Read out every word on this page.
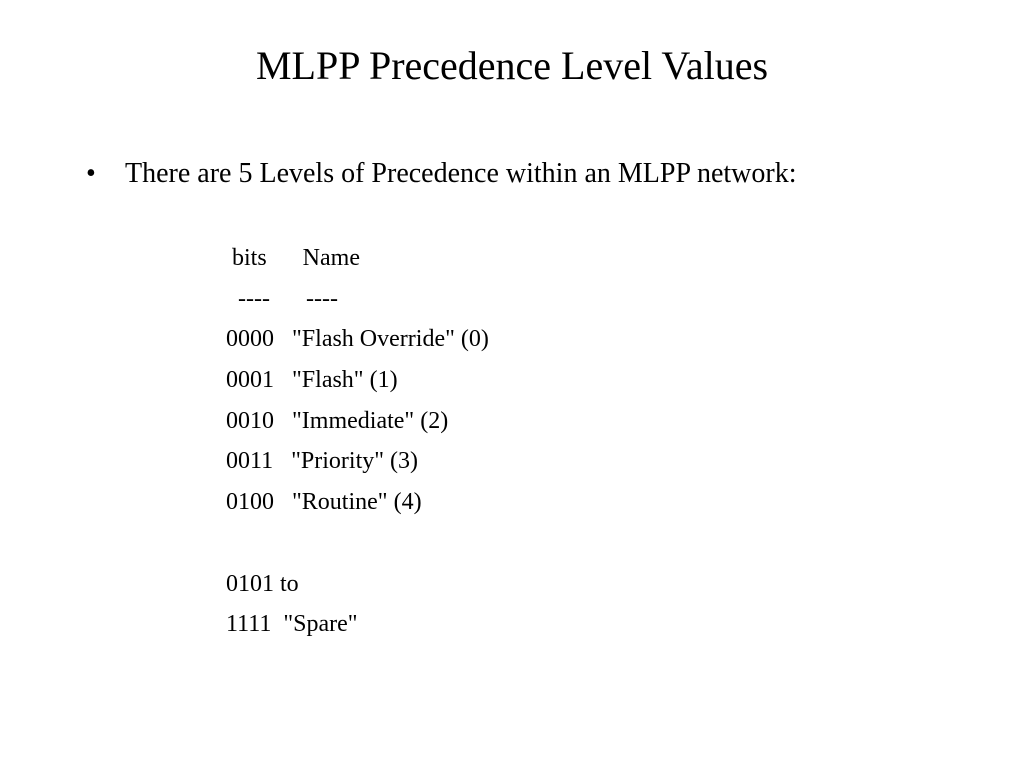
MLPP Precedence Level Values
• There are 5 Levels of Precedence within an MLPP network:
bits      Name
----      ----
0000   "Flash Override" (0)
0001   "Flash" (1)
0010   "Immediate" (2)
0011   "Priority" (3)
0100   "Routine" (4)
0101 to
1111  "Spare"
